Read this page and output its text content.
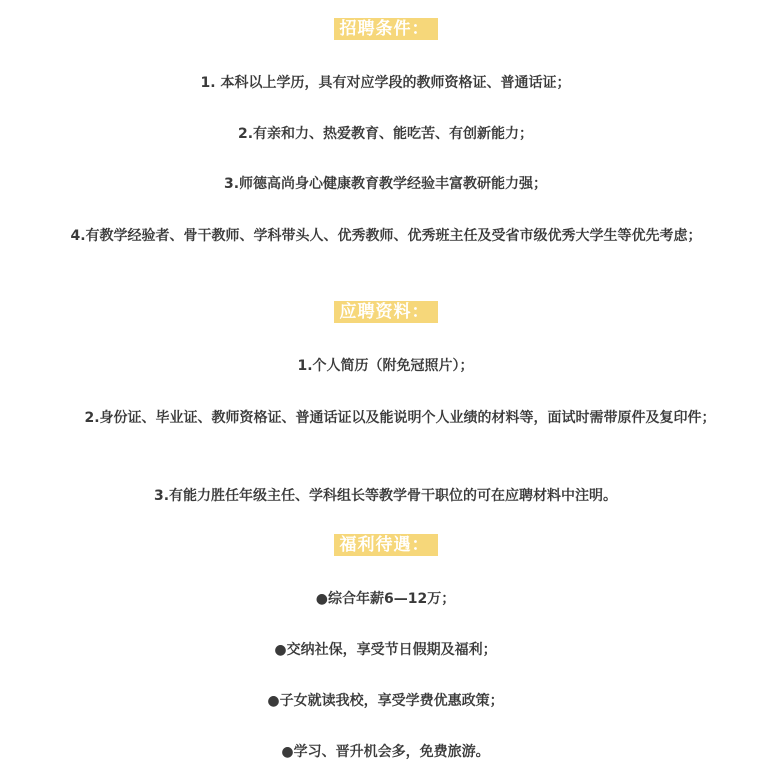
招聘条件：
1. 本科以上学历，具有对应学段的教师资格证、普通话证；
2.有亲和力、热爱教育、能吃苦、有创新能力；
3.师德高尚身心健康教育教学经验丰富教研能力强；
4.有教学经验者、骨干教师、学科带头人、优秀教师、优秀班主任及受省市级优秀大学生等优先考虑；
应聘资料：
1.个人简历（附免冠照片）；
2.身份证、毕业证、教师资格证、普通话证以及能说明个人业绩的材料等，面试时需带原件及复印件；
3.有能力胜任年级主任、学科组长等教学骨干职位的可在应聘材料中注明。
福利待遇：
●综合年薪6—12万；
●交纳社保，享受节日假期及福利；
●子女就读我校，享受学费优惠政策；
●学习、晋升机会多，免费旅游。
